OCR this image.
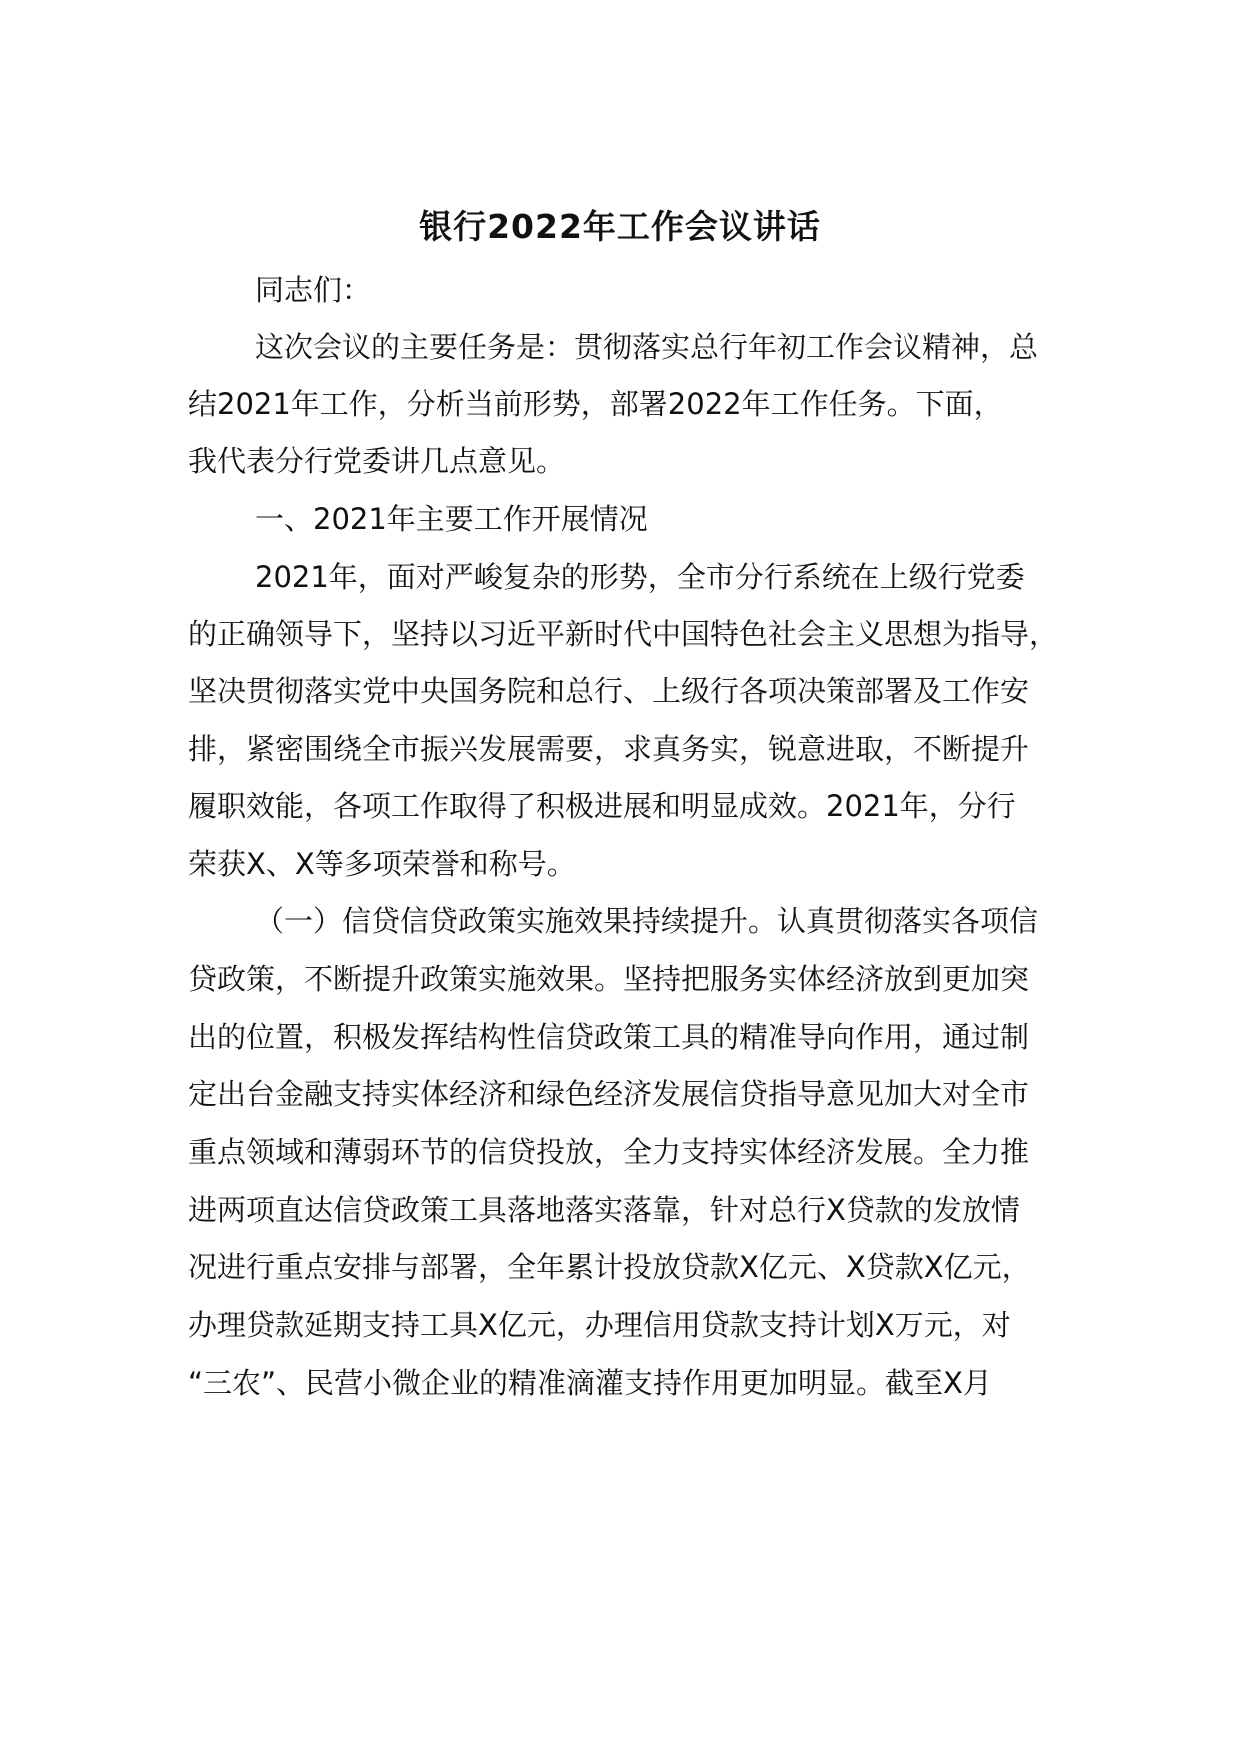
银行2022年工作会议讲话
同志们：
这次会议的主要任务是：贯彻落实总行年初工作会议精神，总
结2021年工作，分析当前形势，部署2022年工作任务。下面，
我代表分行党委讲几点意见。
一、2021年主要工作开展情况
2021年，面对严峻复杂的形势，全市分行系统在上级行党委
的正确领导下，坚持以习近平新时代中国特色社会主义思想为指导，
坚决贯彻落实党中央国务院和总行、上级行各项决策部署及工作安
排，紧密围绕全市振兴发展需要，求真务实，锐意进取，不断提升
履职效能，各项工作取得了积极进展和明显成效。2021年，分行
荣获X、X等多项荣誉和称号。
（一）信贷信贷政策实施效果持续提升。认真贯彻落实各项信
贷政策，不断提升政策实施效果。坚持把服务实体经济放到更加突
出的位置，积极发挥结构性信贷政策工具的精准导向作用，通过制
定出台金融支持实体经济和绿色经济发展信贷指导意见加大对全市
重点领域和薄弱环节的信贷投放，全力支持实体经济发展。全力推
进两项直达信贷政策工具落地落实落靠，针对总行X贷款的发放情
况进行重点安排与部署，全年累计投放贷款X亿元、X贷款X亿元，
办理贷款延期支持工具X亿元，办理信用贷款支持计划X万元，对
“三农”、民营小微企业的精准滴灌支持作用更加明显。截至X月
